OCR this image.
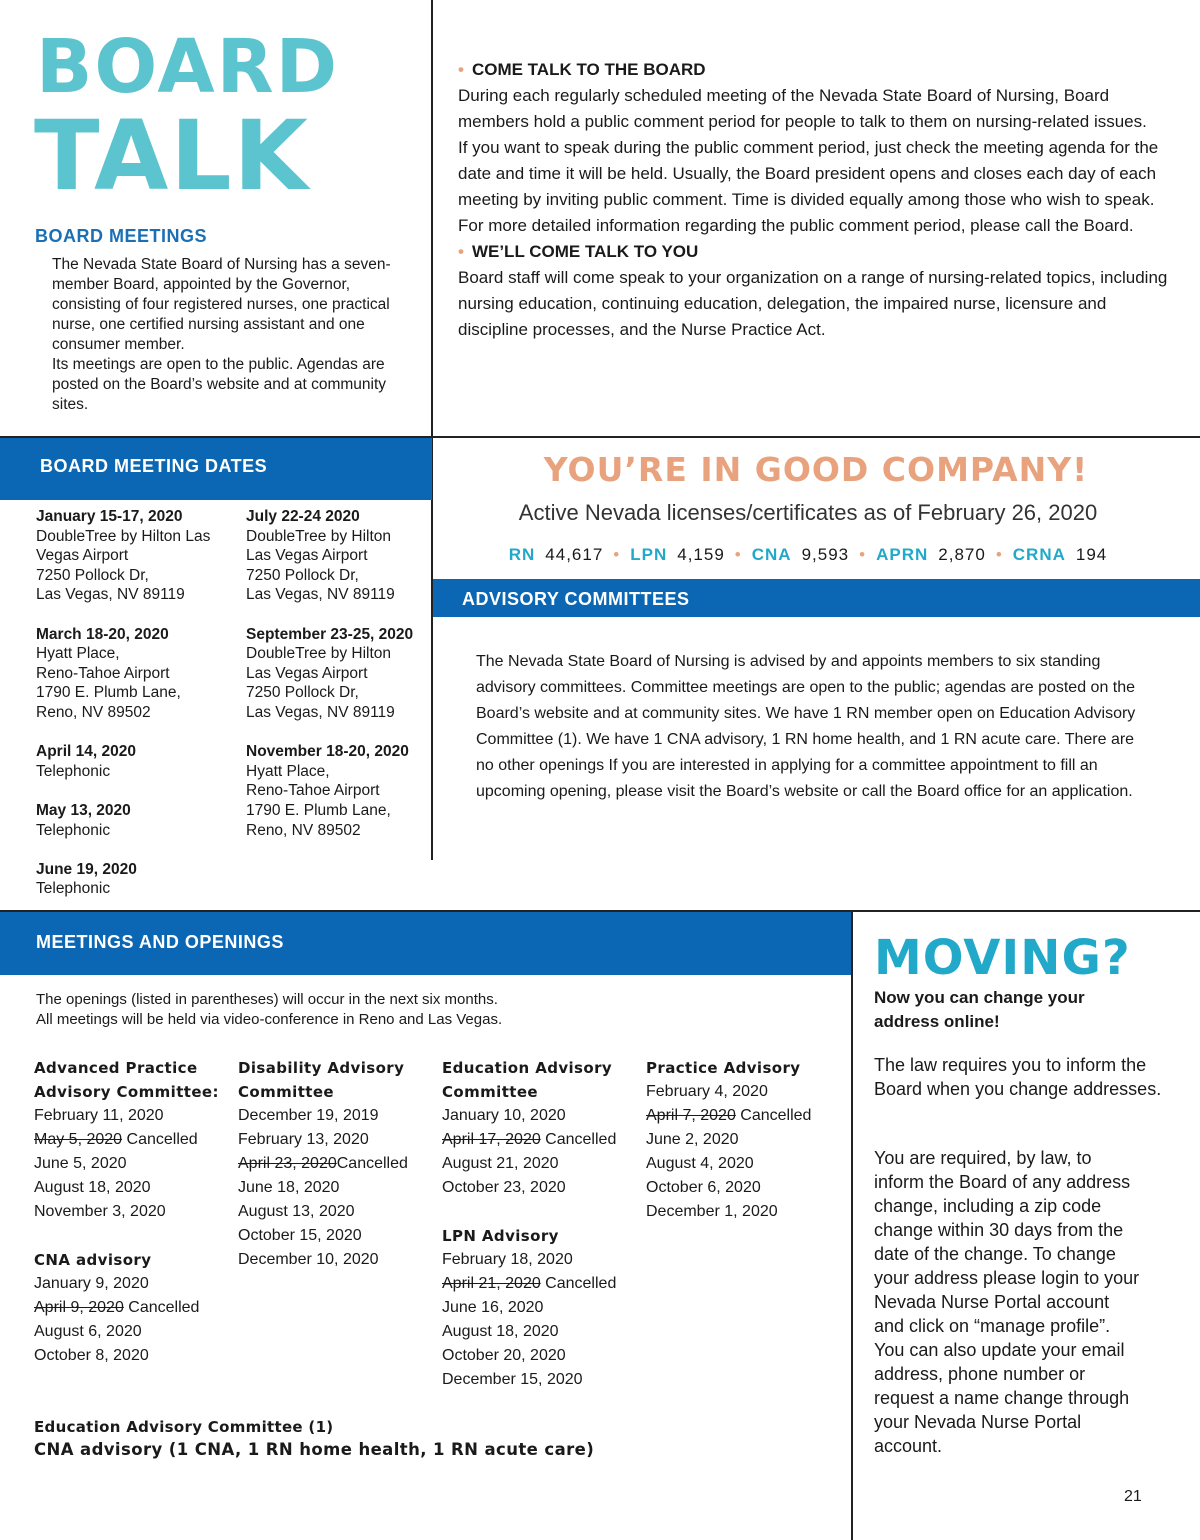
BOARD
TALK
BOARD MEETINGS
The Nevada State Board of Nursing has a seven-member Board, appointed by the Governor, consisting of four registered nurses, one practical nurse, one certified nursing assistant and one consumer member.
Its meetings are open to the public. Agendas are posted on the Board’s website and at community sites.
• COME TALK TO THE BOARD
During each regularly scheduled meeting of the Nevada State Board of Nursing, Board members hold a public comment period for people to talk to them on nursing-related issues.
If you want to speak during the public comment period, just check the meeting agenda for the date and time it will be held. Usually, the Board president opens and closes each day of each meeting by inviting public comment. Time is divided equally among those who wish to speak.
For more detailed information regarding the public comment period, please call the Board.
• WE’LL COME TALK TO YOU
Board staff will come speak to your organization on a range of nursing-related topics, including nursing education, continuing education, delegation, the impaired nurse, licensure and discipline processes, and the Nurse Practice Act.
BOARD MEETING DATES
January 15-17, 2020
DoubleTree by Hilton Las
Vegas Airport
7250 Pollock Dr,
Las Vegas, NV 89119
March 18-20, 2020
Hyatt Place,
Reno-Tahoe Airport
1790 E. Plumb Lane,
Reno, NV 89502
April 14, 2020
Telephonic
May 13, 2020
Telephonic
June 19, 2020
Telephonic
July 22-24 2020
DoubleTree by Hilton
Las Vegas Airport
7250 Pollock Dr,
Las Vegas, NV 89119
September 23-25, 2020
DoubleTree by Hilton
Las Vegas Airport
7250 Pollock Dr,
Las Vegas, NV 89119
November 18-20, 2020
Hyatt Place,
Reno-Tahoe Airport
1790 E. Plumb Lane,
Reno, NV 89502
YOU’RE IN GOOD COMPANY!
Active Nevada licenses/certificates as of February 26, 2020
RN 44,617 • LPN 4,159 • CNA 9,593 • APRN 2,870 • CRNA 194
ADVISORY COMMITTEES
The Nevada State Board of Nursing is advised by and appoints members to six standing advisory committees. Committee meetings are open to the public; agendas are posted on the Board’s website and at community sites. We have 1 RN member open on Education Advisory Committee (1). We have 1 CNA advisory, 1 RN home health, and 1 RN acute care. There are no other openings If you are interested in applying for a committee appointment to fill an upcoming opening, please visit the Board’s website or call the Board office for an application.
MEETINGS AND OPENINGS
The openings (listed in parentheses) will occur in the next six months.
All meetings will be held via video-conference in Reno and Las Vegas.
Advanced Practice
Advisory Committee:
February 11, 2020
May 5, 2020 Cancelled
June 5, 2020
August 18, 2020
November 3, 2020
CNA advisory
January 9, 2020
April 9, 2020 Cancelled
August 6, 2020
October 8, 2020
Disability Advisory
Committee
December 19, 2019
February 13, 2020
April 23, 2020Cancelled
June 18, 2020
August 13, 2020
October 15, 2020
December 10, 2020
Education Advisory
Committee
January 10, 2020
April 17, 2020 Cancelled
August 21, 2020
October 23, 2020
LPN Advisory
February 18, 2020
April 21, 2020 Cancelled
June 16, 2020
August 18, 2020
October 20, 2020
December 15, 2020
Practice Advisory
February 4, 2020
April 7, 2020 Cancelled
June 2, 2020
August 4, 2020
October 6, 2020
December 1, 2020
Education Advisory Committee (1)
CNA advisory (1 CNA, 1 RN home health, 1 RN acute care)
MOVING?
Now you can change your address online!
The law requires you to inform the Board when you change addresses.
You are required, by law, to inform the Board of any address change, including a zip code change within 30 days from the date of the change. To change your address please login to your Nevada Nurse Portal account and click on “manage profile”. You can also update your email address, phone number or request a name change through your Nevada Nurse Portal account.
21
